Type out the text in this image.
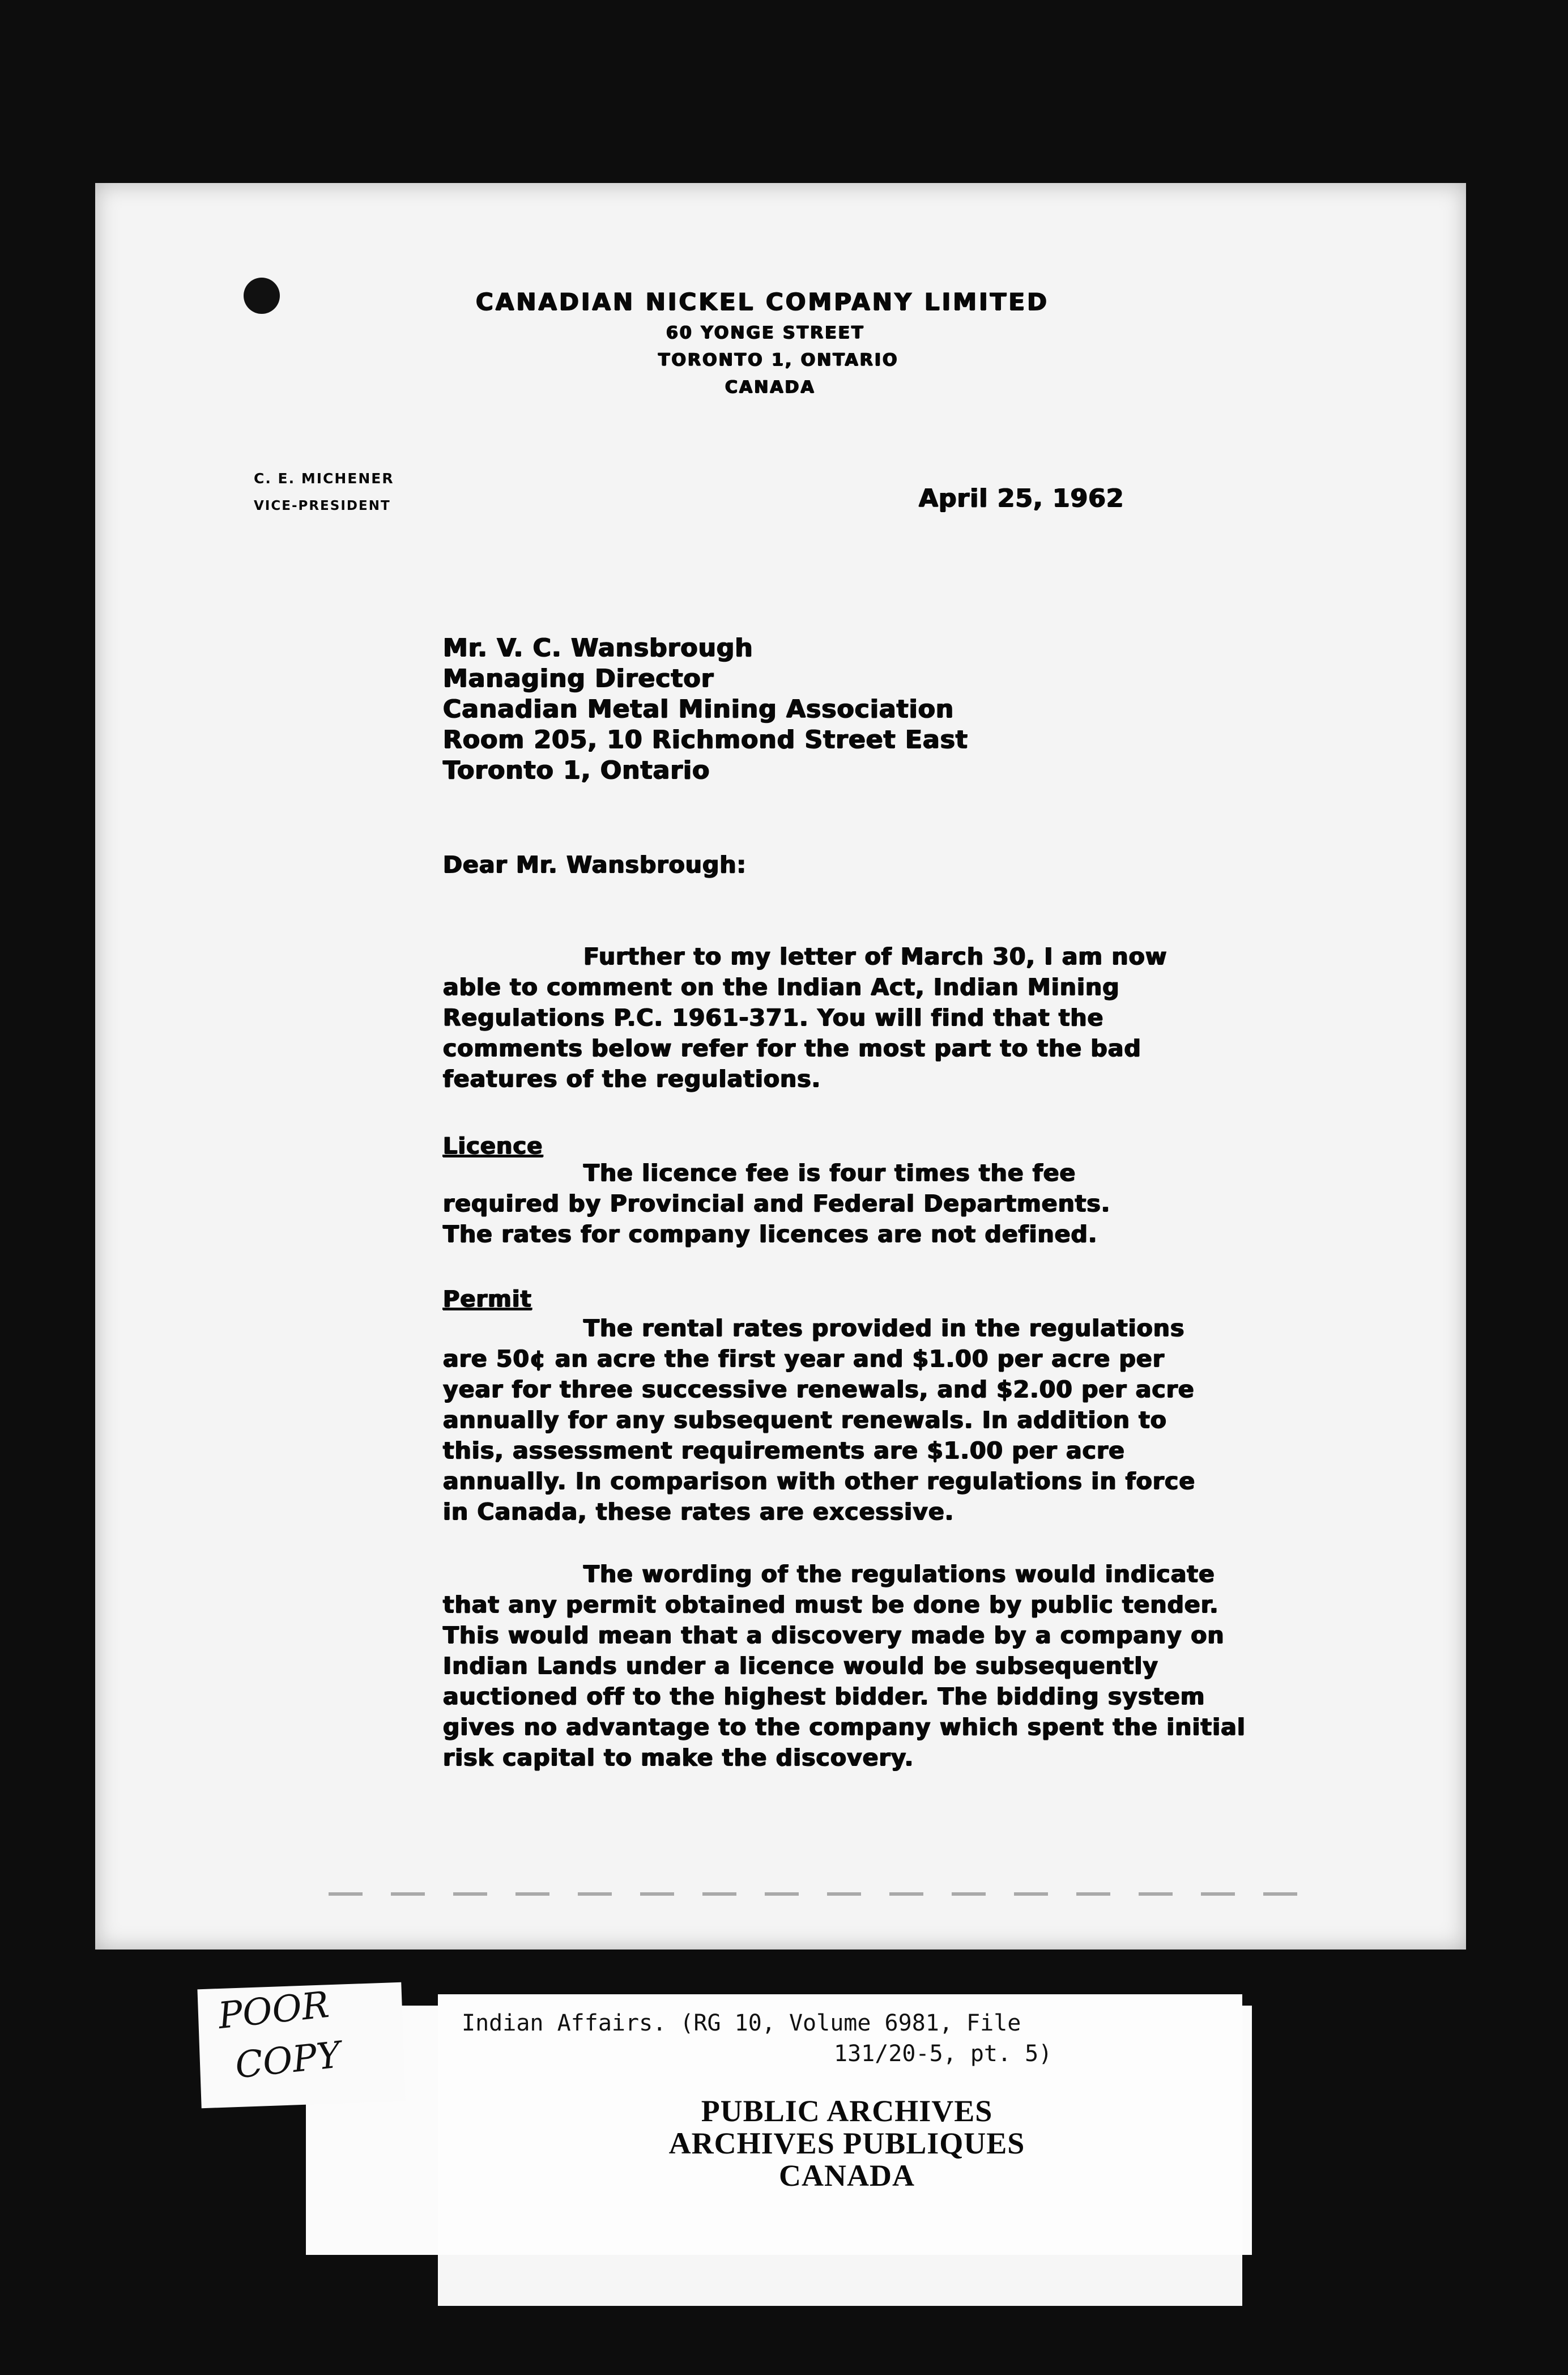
CANADIAN NICKEL COMPANY LIMITED
60 YONGE STREET
TORONTO 1, ONTARIO
CANADA
C. E. MICHENER
VICE-PRESIDENT	April 25, 1962
Mr. V. C. Wansbrough
Managing Director
Canadian Metal Mining Association
Room 205, 10 Richmond Street East
Toronto 1, Ontario
Dear Mr. Wansbrough:
Further to my letter of March 30, I am now
able to comment on the Indian Act, Indian Mining
Regulations P.C. 1961-371. You will find that the
comments below refer for the most part to the bad
features of the regulations.
Licence
The licence fee is four times the fee
required by Provincial and Federal Departments.
The rates for company licences are not defined.
Permit
The rental rates provided in the regulations
are 50¢ an acre the first year and $1.00 per acre per
year for three successive renewals, and $2.00 per acre
annually for any subsequent renewals. In addition to
this, assessment requirements are $1.00 per acre
annually. In comparison with other regulations in force
in Canada, these rates are excessive.
The wording of the regulations would indicate
that any permit obtained must be done by public tender.
This would mean that a discovery made by a company on
Indian Lands under a licence would be subsequently
auctioned off to the highest bidder. The bidding system
gives no advantage to the company which spent the initial
risk capital to make the discovery.
Indian Affairs. (RG 10, Volume 6981, File
131/20-5, pt. 5)
PUBLIC ARCHIVES
ARCHIVES PUBLIQUES
CANADA
POOR
COPY
